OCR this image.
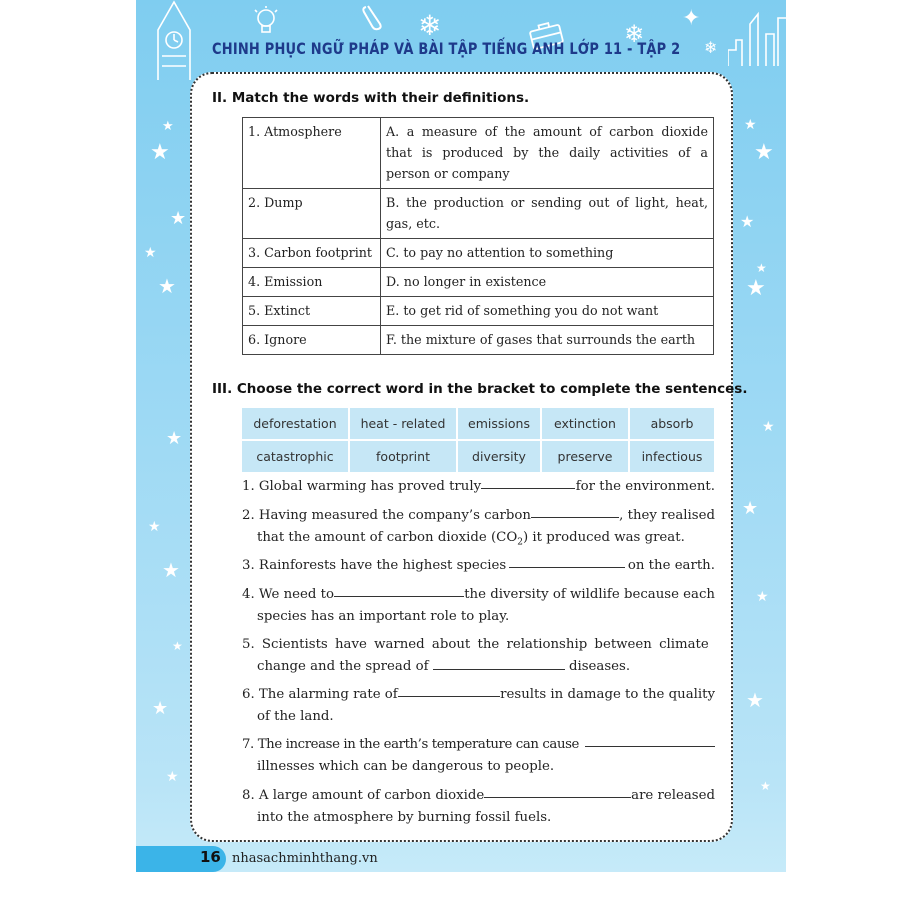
❄	✦
❄	❄
★
★
★
★
★
★
★
★
★
★
★
★
★
★
★
★
★
★
★
★
★
CHINH PHỤC NGỮ PHÁP VÀ BÀI TẬP TIẾNG ANH LỚP 11 - TẬP 2
II. Match the words with their definitions.
1. Atmosphere	A. a measure of the amount of carbon dioxide that is produced by the daily activities of a person or company
2. Dump	B. the production or sending out of light, heat, gas, etc.
3. Carbon footprint	C. to pay no attention to something
4. Emission	D. no longer in existence
5. Extinct	E. to get rid of something you do not want
6. Ignore	F. the mixture of gases that surrounds the earth
III. Choose the correct word in the bracket to complete the sentences.
deforestation	heat - related	emissions	extinction	absorb
catastrophic	footprint	diversity	preserve	infectious
1. Global warming has proved truly	for the environment.
2. Having measured the company’s carbon	, they realised
that the amount of carbon dioxide $(CO_2)$ it produced was great.
3. Rainforests have the highest species	on the earth.
4. We need to	the diversity of wildlife because each
species has an important role to play.
5. Scientists have warned about the relationship between climate
change and the spread of	diseases.
6. The alarming rate of	results in damage to the quality
of the land.
7. The increase in the earth’s temperature can cause
illnesses which can be dangerous to people.
8. A large amount of carbon dioxide	are released
into the atmosphere by burning fossil fuels.
16 nhasachminhthang.vn
